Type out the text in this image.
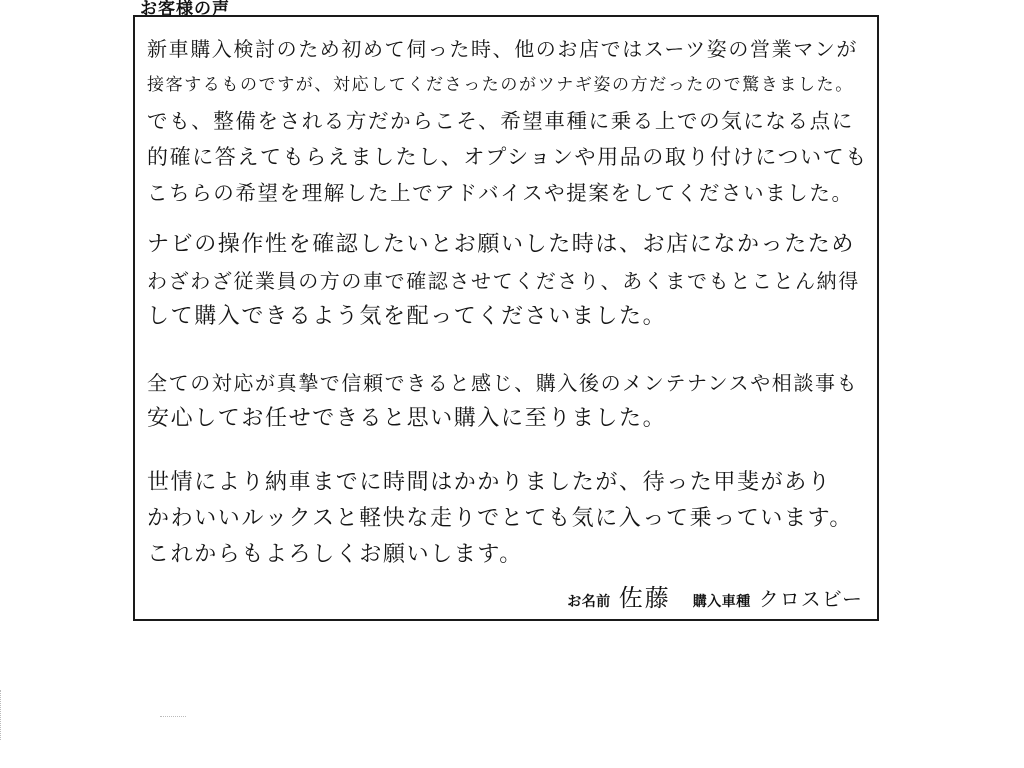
お客様の声
新車購入検討のため初めて伺った時、他のお店ではスーツ姿の営業マンが
接客するものですが、対応してくださったのがツナギ姿の方だったので驚きました。
でも、整備をされる方だからこそ、希望車種に乗る上での気になる点に
的確に答えてもらえましたし、オプションや用品の取り付けについても
こちらの希望を理解した上でアドバイスや提案をしてくださいました。
ナビの操作性を確認したいとお願いした時は、お店になかったため
わざわざ従業員の方の車で確認させてくださり、あくまでもとことん納得
して購入できるよう気を配ってくださいました。
全ての対応が真摯で信頼できると感じ、購入後のメンテナンスや相談事も
安心してお任せできると思い購入に至りました。
世情により納車までに時間はかかりましたが、待った甲斐があり
かわいいルックスと軽快な走りでとても気に入って乗っています。
これからもよろしくお願いします。
お名前 佐藤 購入車種 クロスビー
